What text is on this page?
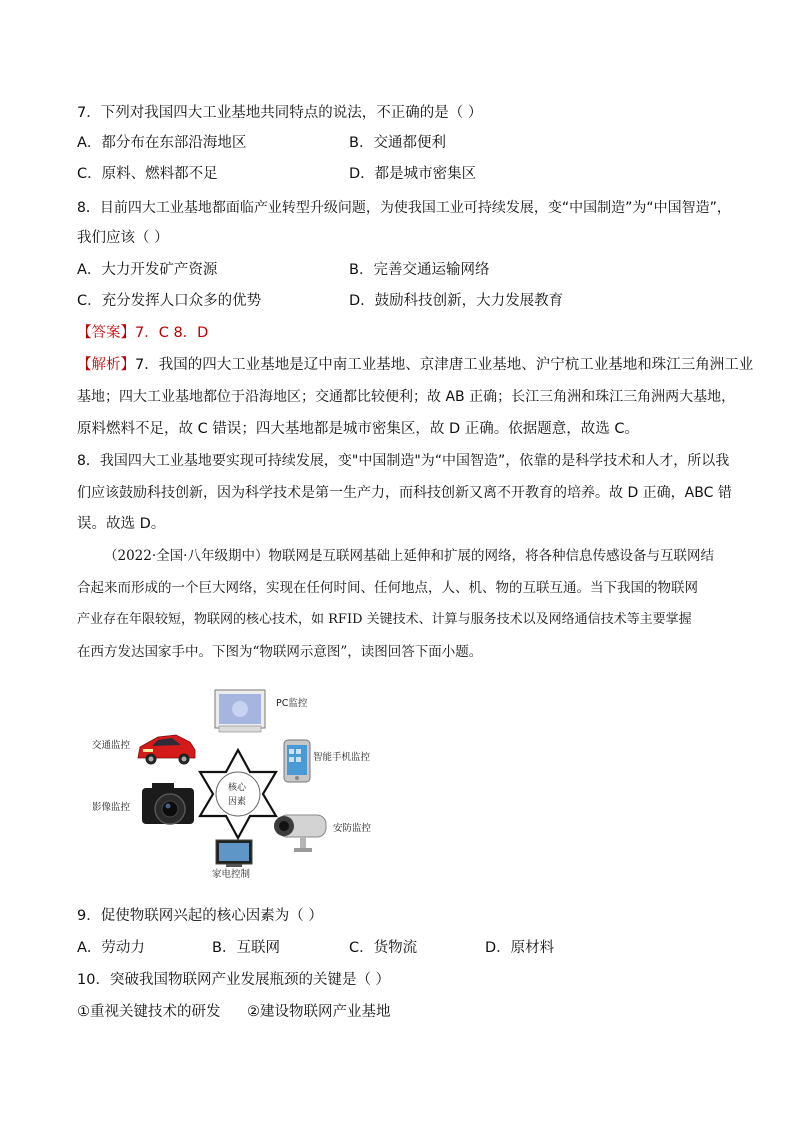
7．下列对我国四大工业基地共同特点的说法，不正确的是（ ）
A．都分布在东部沿海地区	B．交通都便利
C．原料、燃料都不足	D．都是城市密集区
8．目前四大工业基地都面临产业转型升级问题，为使我国工业可持续发展，变“中国制造”为“中国智造”，
我们应该（ ）
A．大力开发矿产资源	B．完善交通运输网络
C．充分发挥人口众多的优势	D．鼓励科技创新，大力发展教育
【答案】7．C 8．D
【解析】7．我国的四大工业基地是辽中南工业基地、京津唐工业基地、沪宁杭工业基地和珠江三角洲工业
基地；四大工业基地都位于沿海地区；交通都比较便利；故 AB 正确；长江三角洲和珠江三角洲两大基地，
原料燃料不足，故 C 错误；四大基地都是城市密集区，故 D 正确。依据题意，故选 C。
8．我国四大工业基地要实现可持续发展，变"中国制造"为“中国智造”，依靠的是科学技术和人才，所以我
们应该鼓励科技创新，因为科学技术是第一生产力，而科技创新又离不开教育的培养。故 D 正确，ABC 错
误。故选 D。
（2022·全国·八年级期中）物联网是互联网基础上延伸和扩展的网络，将各种信息传感设备与互联网结
合起来而形成的一个巨大网络，实现在任何时间、任何地点，人、机、物的互联互通。当下我国的物联网
产业存在年限较短，物联网的核心技术，如 RFID 关键技术、计算与服务技术以及网络通信技术等主要掌握
在西方发达国家手中。下图为“物联网示意图”，读图回答下面小题。
核心
因素
PC监控
交通监控
智能手机监控
影像监控
安防监控
家电控制
9．促使物联网兴起的核心因素为（ ）
A．劳动力	B．互联网	C．货物流	D．原材料
10．突破我国物联网产业发展瓶颈的关键是（ ）
①重视关键技术的研发 ②建设物联网产业基地
